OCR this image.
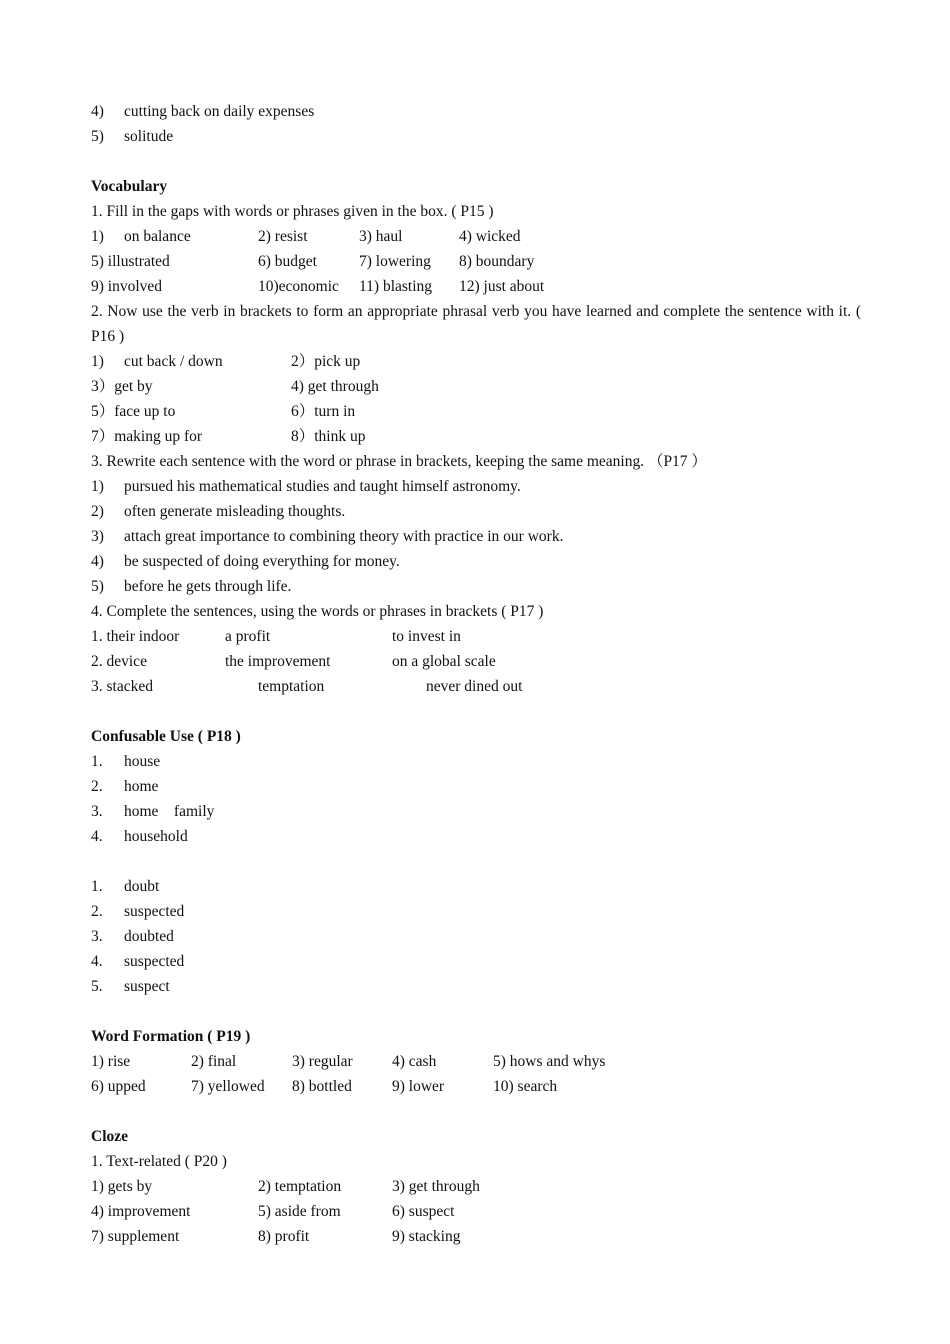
4) cutting back on daily expenses
5) solitude
Vocabulary
1. Fill in the gaps with words or phrases given in the box. ( P15 )
1) on balance	2) resist	3) haul	4) wicked
5) illustrated	6) budget	7) lowering 8) boundary
9) involved	10)economic 11) blasting 12) just about
2. Now use the verb in brackets to form an appropriate phrasal verb you have learned and complete the sentence with it. ( P16 )
1) cut back / down	2）pick up
3）get by	4) get through
5）face up to	6）turn in
7）making up for	8）think up
3. Rewrite each sentence with the word or phrase in brackets, keeping the same meaning. （P17 ）
1) pursued his mathematical studies and taught himself astronomy.
2) often generate misleading thoughts.
3) attach great importance to combining theory with practice in our work.
4) be suspected of doing everything for money.
5) before he gets through life.
4. Complete the sentences, using the words or phrases in brackets ( P17 )
1. their indoor	a profit	to invest in
2. device	the improvement	on a global scale
3. stacked	temptation	never dined out
Confusable Use ( P18 )
1. house
2. home
3. home    family
4. household
1. doubt
2. suspected
3. doubted
4. suspected
5. suspect
Word Formation ( P19 )
1) rise	2) final	3) regular	4) cash	5) hows and whys
6) upped	7) yellowed 8) bottled	9) lower	10) search
Cloze
1. Text-related ( P20 )
1) gets by	2) temptation	3) get through
4) improvement	5) aside from	6) suspect
7) supplement	8) profit	9) stacking
